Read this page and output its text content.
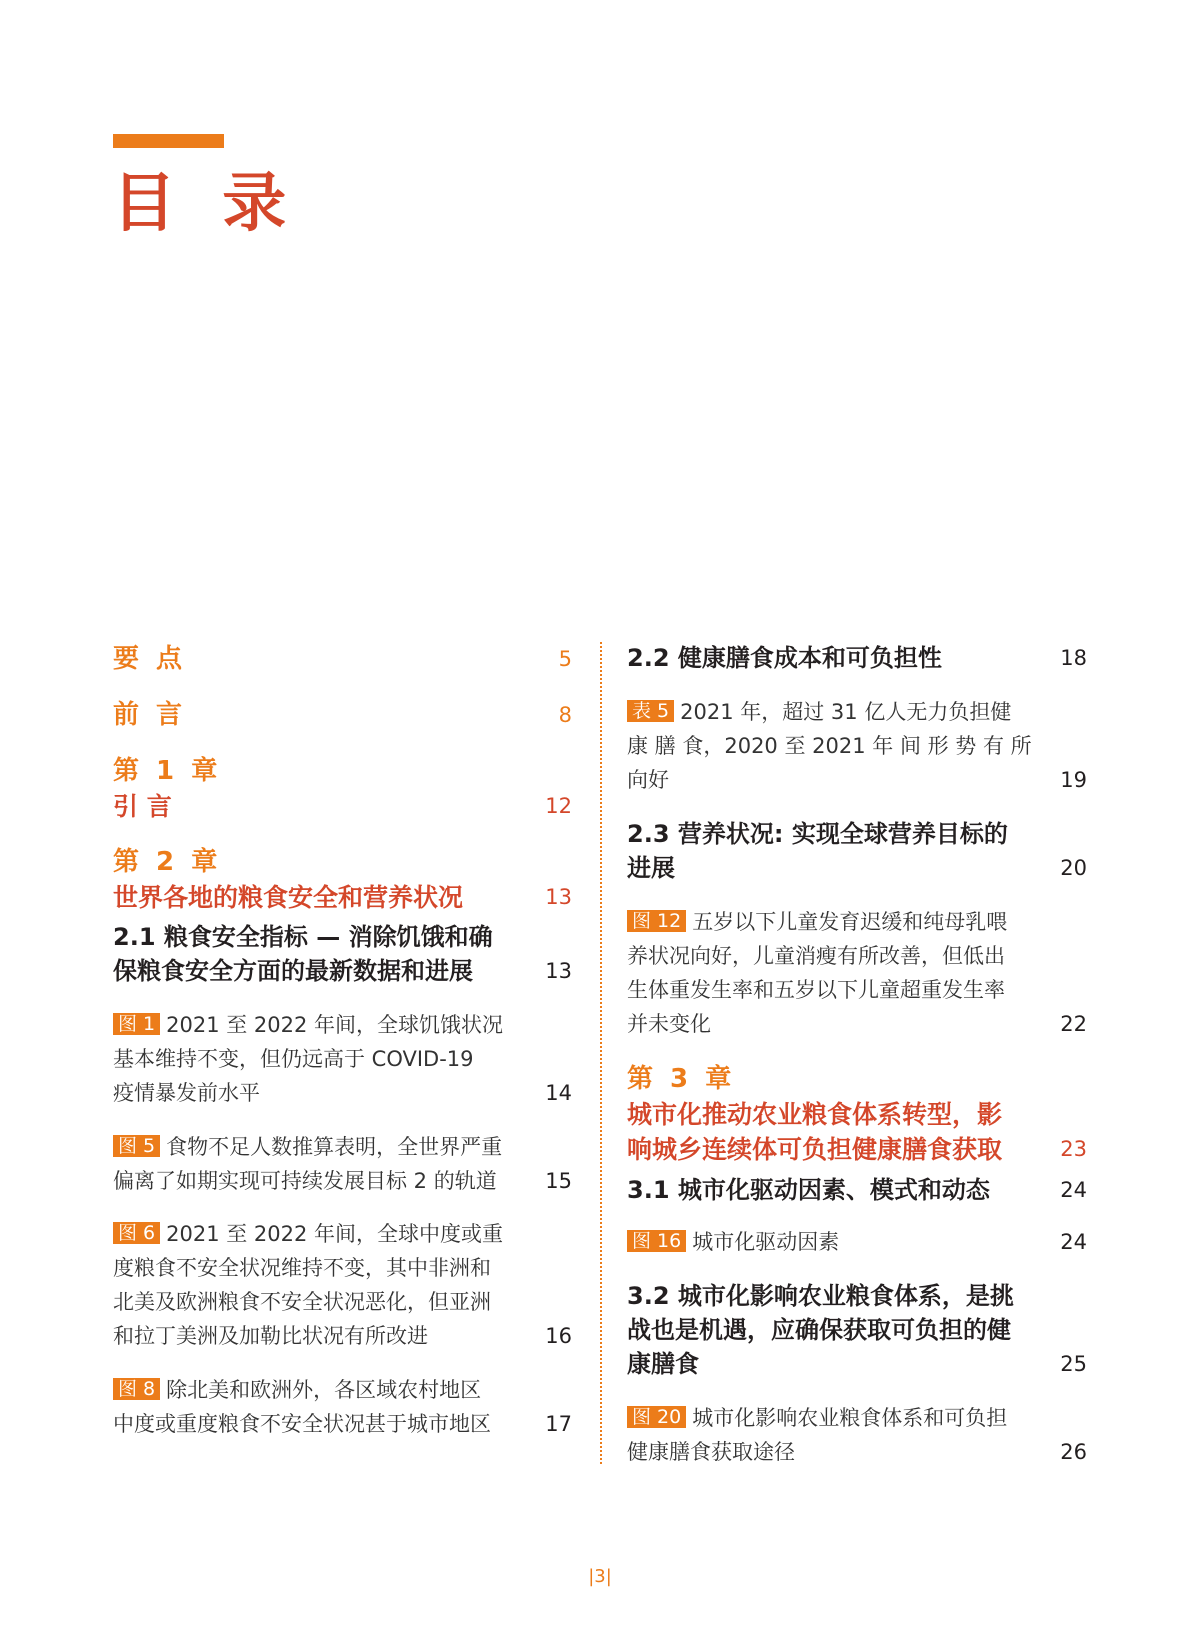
目 录
要 点	5
前 言	8
第 1 章
引 言	12
第 2 章
世界各地的粮食安全和营养状况	13
2.1 粮食安全指标 — 消除饥饿和确
保粮食安全方面的最新数据和进展	13
图 1 2021 至 2022 年间，全球饥饿状况
基本维持不变，但仍远高于 COVID-19
疫情暴发前水平	14
图 5 食物不足人数推算表明，全世界严重
偏离了如期实现可持续发展目标 2 的轨道	15
图 6 2021 至 2022 年间，全球中度或重
度粮食不安全状况维持不变，其中非洲和
北美及欧洲粮食不安全状况恶化，但亚洲
和拉丁美洲及加勒比状况有所改进	16
图 8 除北美和欧洲外，各区域农村地区
中度或重度粮食不安全状况甚于城市地区	17
2.2 健康膳食成本和可负担性	18
表 5 2021 年，超过 31 亿人无力负担健
康 膳 食，2020 至 2021 年 间 形 势 有 所
向好	19
2.3 营养状况: 实现全球营养目标的
进展	20
图 12 五岁以下儿童发育迟缓和纯母乳喂
养状况向好，儿童消瘦有所改善，但低出
生体重发生率和五岁以下儿童超重发生率
并未变化	22
第 3 章
城市化推动农业粮食体系转型，影
响城乡连续体可负担健康膳食获取	23
3.1 城市化驱动因素、模式和动态	24
图 16 城市化驱动因素	24
3.2 城市化影响农业粮食体系，是挑
战也是机遇，应确保获取可负担的健
康膳食	25
图 20 城市化影响农业粮食体系和可负担
健康膳食获取途径	26
|3|
